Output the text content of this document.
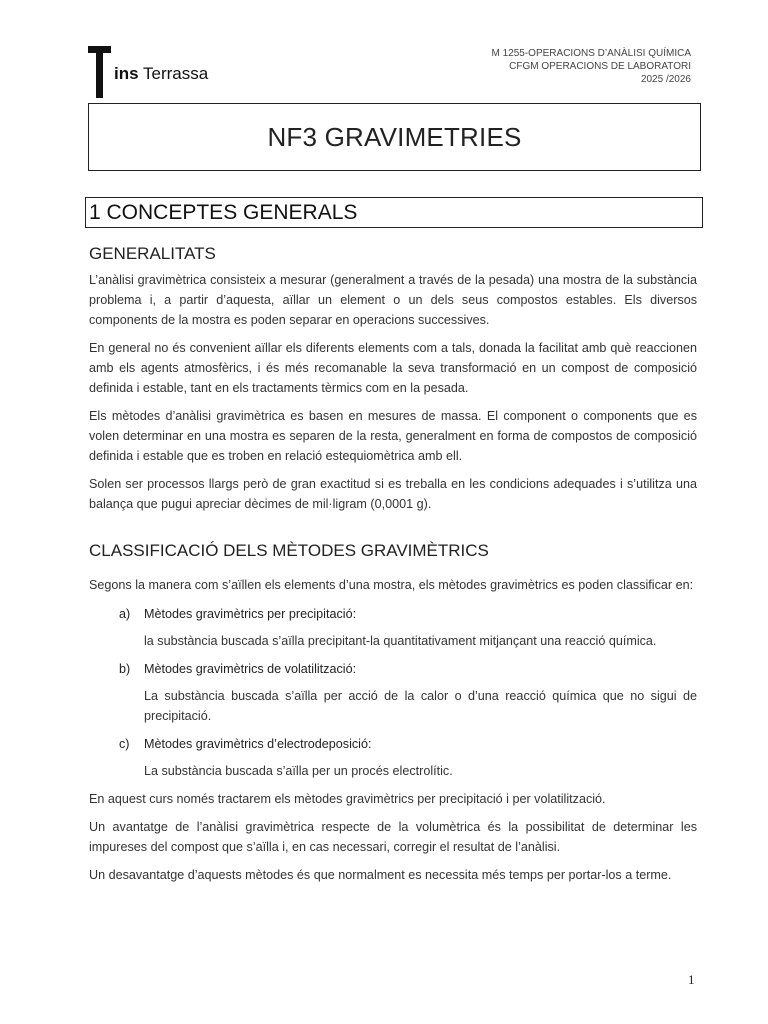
ins Terrassa
M 1255-OPERACIONS D’ANÀLISI QUÍMICA
CFGM OPERACIONS DE LABORATORI
2025 /2026
NF3 GRAVIMETRIES
1 CONCEPTES GENERALS
GENERALITATS

L’anàlisi gravimètrica consisteix a mesurar (generalment a través de la pesada) una mostra de la substància problema i, a partir d’aquesta, aïllar un element o un dels seus compostos estables. Els diversos components de la mostra es poden separar en operacions successives.

En general no és convenient aïllar els diferents elements com a tals, donada la facilitat amb què reaccionen amb els agents atmosfèrics, i és més recomanable la seva transformació en un compost de composició definida i estable, tant en els tractaments tèrmics com en la pesada.

Els mètodes d’anàlisi gravimètrica es basen en mesures de massa. El component o components que es volen determinar en una mostra es separen de la resta, generalment en forma de compostos de composició definida i estable que es troben en relació estequiomètrica amb ell.

Solen ser processos llargs però de gran exactitud si es treballa en les condicions adequades i s’utilitza una balança que pugui apreciar dècimes de mil·ligram (0,0001 g).

CLASSIFICACIÓ DELS MÈTODES GRAVIMÈTRICS

Segons la manera com s’aïllen els elements d’una mostra, els mètodes gravimètrics es poden classificar en:

a) Mètodes gravimètrics per precipitació:
la substància buscada s’aïlla precipitant-la quantitativament mitjançant una reacció química.
b) Mètodes gravimètrics de volatilització:
La substància buscada s’aïlla per acció de la calor o d’una reacció química que no sigui de precipitació.
c) Mètodes gravimètrics d’electrodeposició:
La substància buscada s’aïlla per un procés electrolític.

En aquest curs només tractarem els mètodes gravimètrics per precipitació i per volatilització.

Un avantatge de l’anàlisi gravimètrica respecte de la volumètrica és la possibilitat de determinar les impureses del compost que s’aïlla i, en cas necessari, corregir el resultat de l’anàlisi.

Un desavantatge d’aquests mètodes és que normalment es necessita més temps per portar-los a terme.

1
